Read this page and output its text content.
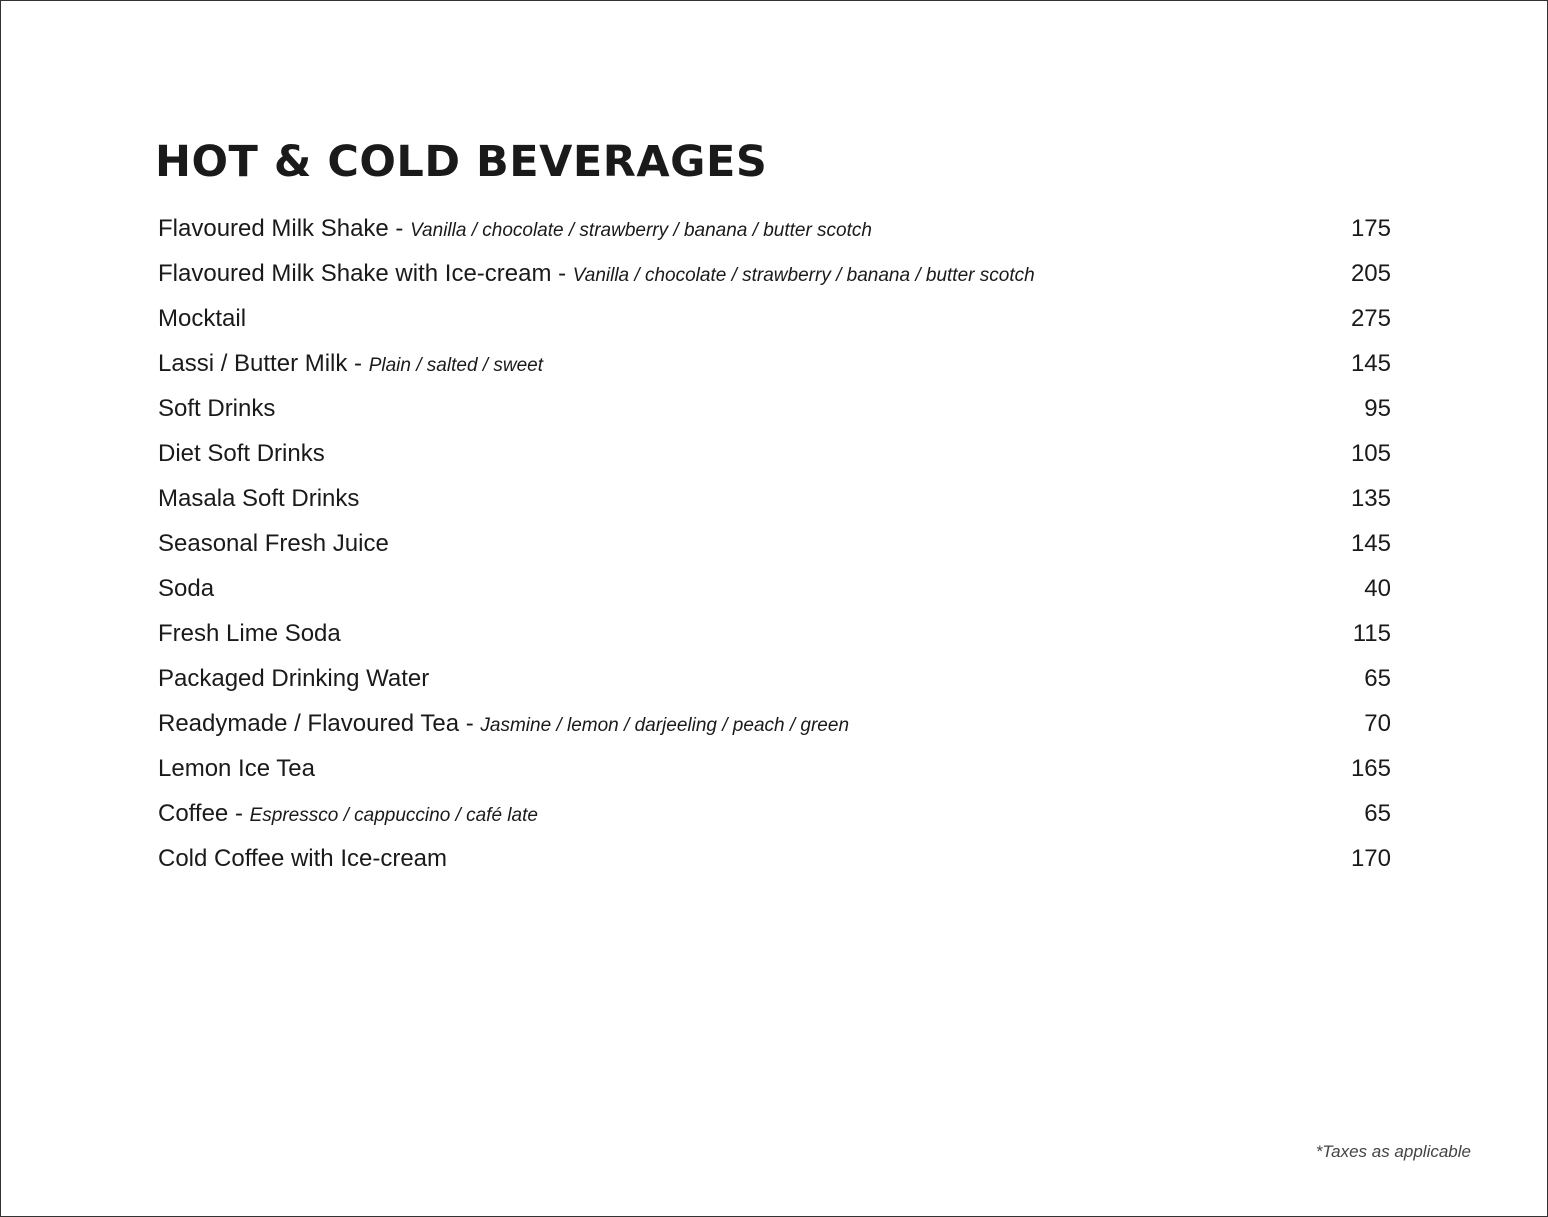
HOT & COLD BEVERAGES
Flavoured Milk Shake - Vanilla / chocolate / strawberry / banana / butter scotch	175
Flavoured Milk Shake with Ice-cream - Vanilla / chocolate / strawberry / banana / butter scotch	205
Mocktail	275
Lassi / Butter Milk - Plain / salted / sweet	145
Soft Drinks	95
Diet Soft Drinks	105
Masala Soft Drinks	135
Seasonal Fresh Juice	145
Soda	40
Fresh Lime Soda	115
Packaged Drinking Water	65
Readymade / Flavoured Tea - Jasmine / lemon / darjeeling / peach / green	70
Lemon Ice Tea	165
Coffee - Espressco / cappuccino / café late	65
Cold Coffee with Ice-cream	170
*Taxes as applicable
